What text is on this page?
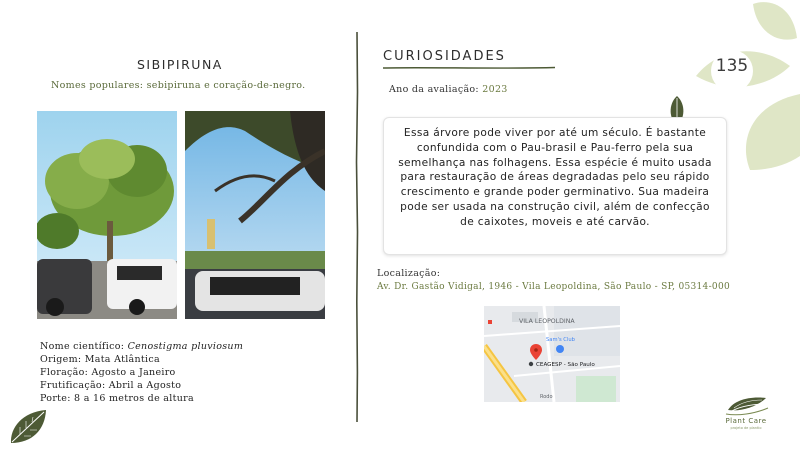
135
SIBIPIRUNA
Nomes populares: sebipiruna e coração-de-negro.
Nome científico: Cenostigma pluviosum
Origem: Mata Atlântica
Floração: Agosto a Janeiro
Frutificação: Abril a Agosto
Porte: 8 a 16 metros de altura
CURIOSIDADES
Ano da avaliação: 2023

Essa árvore pode viver por até um século. É bastante confundida com o Pau-brasil e Pau-ferro pela sua semelhança nas folhagens. Essa espécie é muito usada para restauração de áreas degradadas pelo seu rápido crescimento e grande poder germinativo. Sua madeira pode ser usada na construção civil, além de confecção de caixotes, moveis e até carvão.

Localização:
Av. Dr. Gastão Vidigal, 1946 - Vila Leopoldina, São Paulo - SP, 05314-000
VILA LEOPOLDINA
Sam's Club
CEAGESP - São Paulo
Rodo
Plant Care
projeto de plantio
